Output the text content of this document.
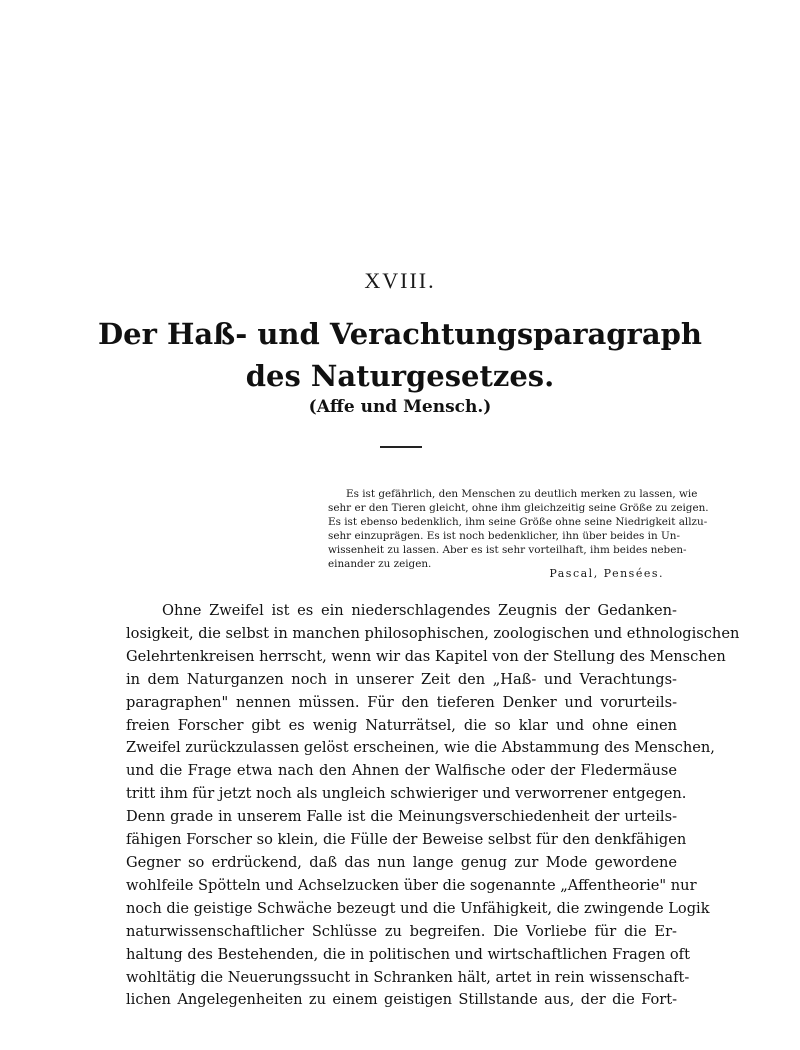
XVIII.
Der Haß- und Verachtungsparagraph
des Naturgesetzes.
(Affe und Mensch.)
Es ist gefährlich, den Menschen zu deutlich merken zu lassen, wie
sehr er den Tieren gleicht, ohne ihm gleichzeitig seine Größe zu zeigen.
Es ist ebenso bedenklich, ihm seine Größe ohne seine Niedrigkeit allzu-
sehr einzuprägen. Es ist noch bedenklicher, ihn über beides in Un-
wissenheit zu lassen. Aber es ist sehr vorteilhaft, ihm beides neben-
einander zu zeigen.
Pascal, Pensées.
Ohne Zweifel ist es ein niederschlagendes Zeugnis der Gedanken-
losigkeit, die selbst in manchen philosophischen, zoologischen und ethnologischen
Gelehrtenkreisen herrscht, wenn wir das Kapitel von der Stellung des Menschen
in dem Naturganzen noch in unserer Zeit den „Haß- und Verachtungs-
paragraphen" nennen müssen. Für den tieferen Denker und vorurteils-
freien Forscher gibt es wenig Naturrätsel, die so klar und ohne einen
Zweifel zurückzulassen gelöst erscheinen, wie die Abstammung des Menschen,
und die Frage etwa nach den Ahnen der Walfische oder der Fledermäuse
tritt ihm für jetzt noch als ungleich schwieriger und verworrener entgegen.
Denn grade in unserem Falle ist die Meinungsverschiedenheit der urteils-
fähigen Forscher so klein, die Fülle der Beweise selbst für den denkfähigen
Gegner so erdrückend, daß das nun lange genug zur Mode gewordene
wohlfeile Spötteln und Achselzucken über die sogenannte „Affentheorie" nur
noch die geistige Schwäche bezeugt und die Unfähigkeit, die zwingende Logik
naturwissenschaftlicher Schlüsse zu begreifen. Die Vorliebe für die Er-
haltung des Bestehenden, die in politischen und wirtschaftlichen Fragen oft
wohltätig die Neuerungssucht in Schranken hält, artet in rein wissenschaft-
lichen Angelegenheiten zu einem geistigen Stillstande aus, der die Fort-
